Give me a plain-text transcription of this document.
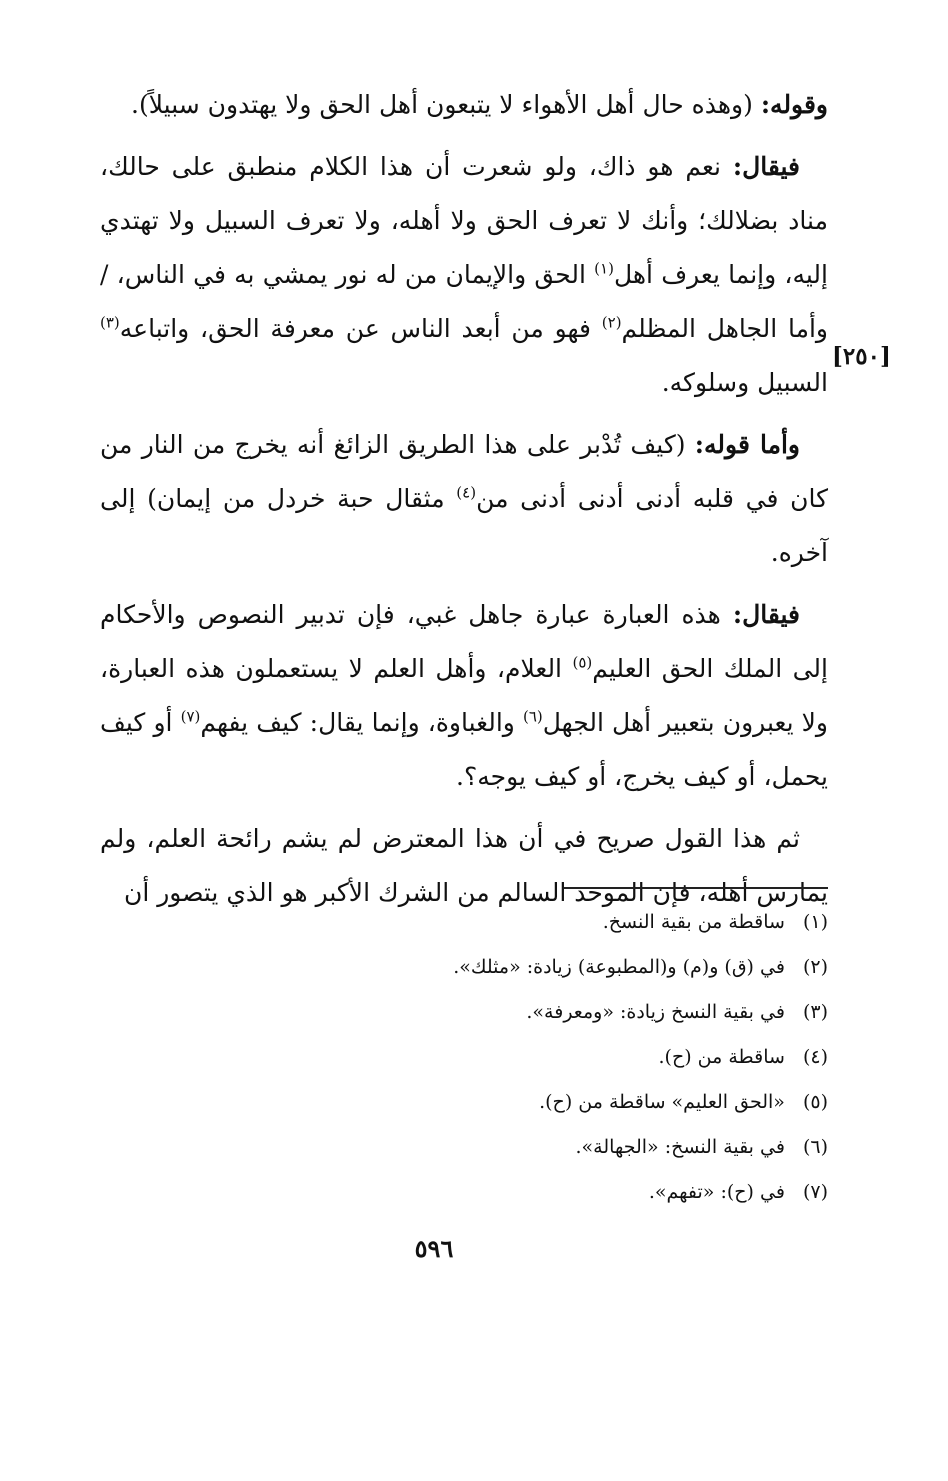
وقوله: (وهذه حال أهل الأهواء لا يتبعون أهل الحق ولا يهتدون سبيلاً).

فيقال: نعم هو ذاك، ولو شعرت أن هذا الكلام منطبق على حالك، مناد بضلالك؛ وأنك لا تعرف الحق ولا أهله، ولا تعرف السبيل ولا تهتدي إليه، وإنما يعرف أهل$^{(١)}$ الحق والإيمان من له نور يمشي به في الناس، / وأما الجاهل المظلم$^{(٢)}$ فهو من أبعد الناس عن معرفة الحق، واتباعه$^{(٣)}$ السبيل وسلوكه.

وأما قوله: (كيف تُدْبر على هذا الطريق الزائغ أنه يخرج من النار من كان في قلبه أدنى أدنى أدنى من$^{(٤)}$ مثقال حبة خردل من إيمان) إلى آخره.

فيقال: هذه العبارة عبارة جاهل غبي، فإن تدبير النصوص والأحكام إلى الملك الحق العليم$^{(٥)}$ العلام، وأهل العلم لا يستعملون هذه العبارة، ولا يعبرون بتعبير أهل الجهل$^{(٦)}$ والغباوة، وإنما يقال: كيف يفهم$^{(٧)}$ أو كيف يحمل، أو كيف يخرج، أو كيف يوجه؟.

ثم هذا القول صريح في أن هذا المعترض لم يشم رائحة العلم، ولم يمارس أهله، فإن الموحد السالم من الشرك الأكبر هو الذي يتصور أن

[٢٥٠]
(١)ساقطة من بقية النسخ.
(٢)في (ق) و(م) و(المطبوعة) زيادة: «مثلك».
(٣)في بقية النسخ زيادة: «ومعرفة».
(٤)ساقطة من (ح).
(٥)«الحق العليم» ساقطة من (ح).
(٦)في بقية النسخ: «الجهالة».
(٧)في (ح): «تفهم».
٥٩٦
